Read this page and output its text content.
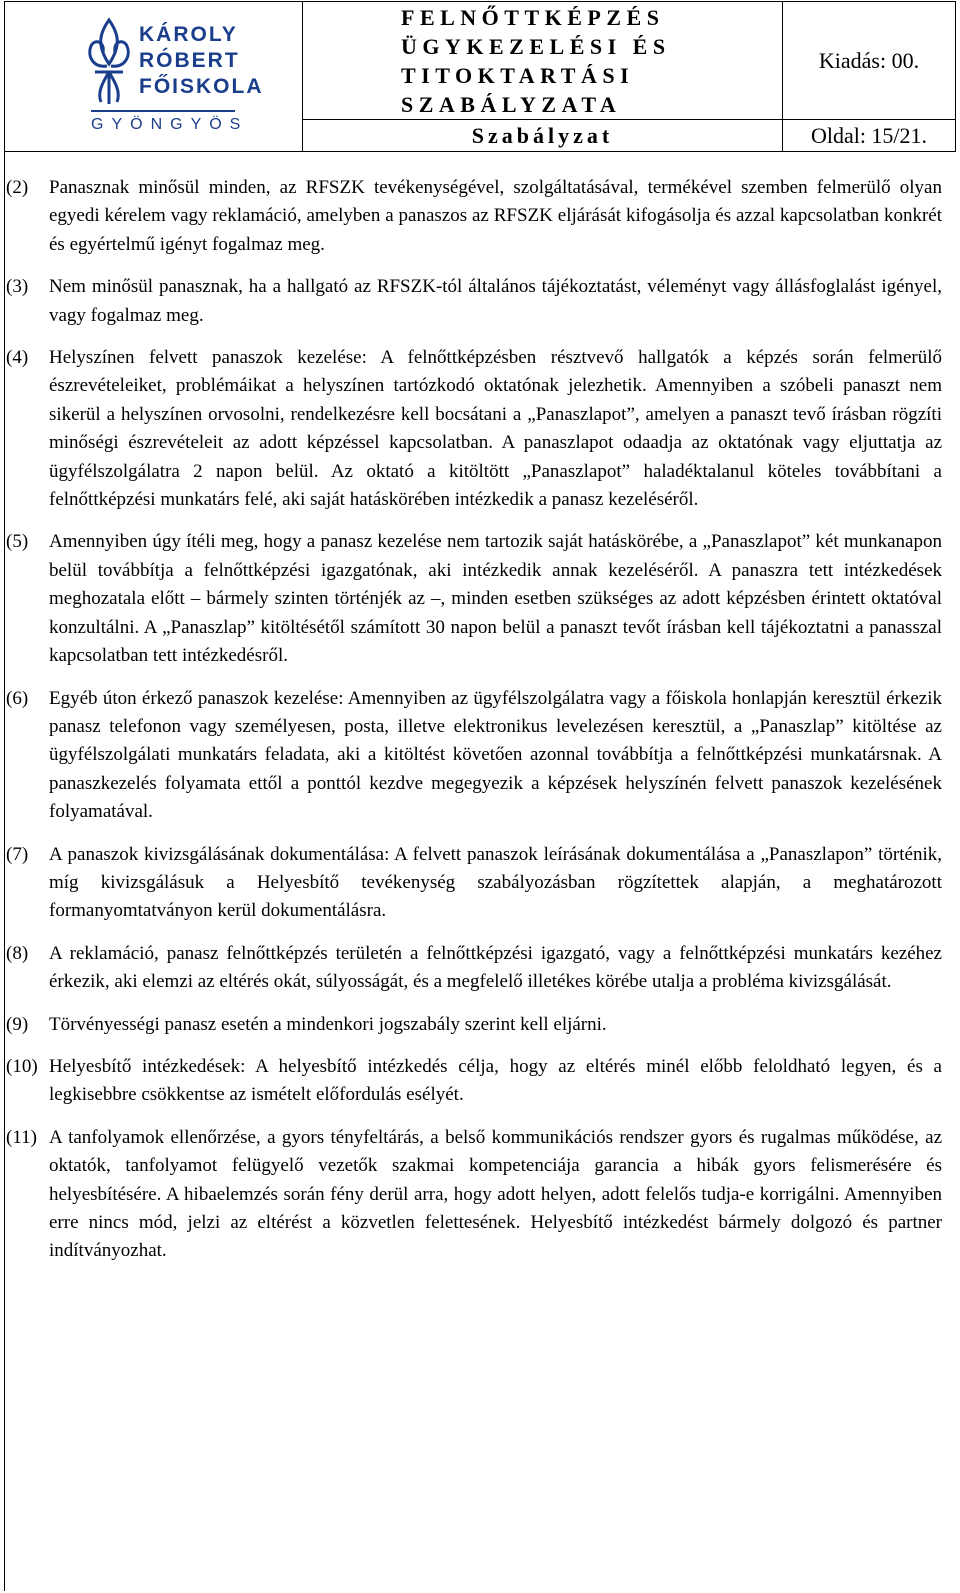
KÁROLY
RÓBERT
FŐISKOLA
GYÖNGYÖS
FELNŐTTKÉPZÉS
ÜGYKEZELÉSI ÉS
TITOKTARTÁSI
SZABÁLYZATA
Kiadás: 00.
Szabályzat	Oldal: 15/21.
(2) Panasznak minősül minden, az RFSZK tevékenységével, szolgáltatásával, termékével szemben felmerülő olyan egyedi kérelem vagy reklamáció, amelyben a panaszos az RFSZK eljárását kifogásolja és azzal kapcsolatban konkrét és egyértelmű igényt fogalmaz meg.
(3) Nem minősül panasznak, ha a hallgató az RFSZK-tól általános tájékoztatást, véleményt vagy állásfoglalást igényel, vagy fogalmaz meg.
(4) Helyszínen felvett panaszok kezelése: A felnőttképzésben résztvevő hallgatók a képzés során felmerülő észrevételeiket, problémáikat a helyszínen tartózkodó oktatónak jelezhetik. Amennyiben a szóbeli panaszt nem sikerül a helyszínen orvosolni, rendelkezésre kell bocsátani a „Panaszlapot”, amelyen a panaszt tevő írásban rögzíti minőségi észrevételeit az adott képzéssel kapcsolatban. A panaszlapot odaadja az oktatónak vagy eljuttatja az ügyfélszolgálatra 2 napon belül. Az oktató a kitöltött „Panaszlapot” haladéktalanul köteles továbbítani a felnőttképzési munkatárs felé, aki saját hatáskörében intézkedik a panasz kezeléséről.
(5) Amennyiben úgy ítéli meg, hogy a panasz kezelése nem tartozik saját hatáskörébe, a „Panaszlapot” két munkanapon belül továbbítja a felnőttképzési igazgatónak, aki intézkedik annak kezeléséről. A panaszra tett intézkedések meghozatala előtt – bármely szinten történjék az –, minden esetben szükséges az adott képzésben érintett oktatóval konzultálni. A „Panaszlap” kitöltésétől számított 30 napon belül a panaszt tevőt írásban kell tájékoztatni a panasszal kapcsolatban tett intézkedésről.
(6) Egyéb úton érkező panaszok kezelése: Amennyiben az ügyfélszolgálatra vagy a főiskola honlapján keresztül érkezik panasz telefonon vagy személyesen, posta, illetve elektronikus levelezésen keresztül, a „Panaszlap” kitöltése az ügyfélszolgálati munkatárs feladata, aki a kitöltést követően azonnal továbbítja a felnőttképzési munkatársnak. A panaszkezelés folyamata ettől a ponttól kezdve megegyezik a képzések helyszínén felvett panaszok kezelésének folyamatával.
(7) A panaszok kivizsgálásának dokumentálása: A felvett panaszok leírásának dokumentálása a „Panaszlapon” történik, míg kivizsgálásuk a Helyesbítő tevékenység szabályozásban rögzítettek alapján, a meghatározott formanyomtatványon kerül dokumentálásra.
(8) A reklamáció, panasz felnőttképzés területén a felnőttképzési igazgató, vagy a felnőttképzési munkatárs kezéhez érkezik, aki elemzi az eltérés okát, súlyosságát, és a megfelelő illetékes körébe utalja a probléma kivizsgálását.
(9) Törvényességi panasz esetén a mindenkori jogszabály szerint kell eljárni.
(10) Helyesbítő intézkedések: A helyesbítő intézkedés célja, hogy az eltérés minél előbb feloldható legyen, és a legkisebbre csökkentse az ismételt előfordulás esélyét.
(11) A tanfolyamok ellenőrzése, a gyors tényfeltárás, a belső kommunikációs rendszer gyors és rugalmas működése, az oktatók, tanfolyamot felügyelő vezetők szakmai kompetenciája garancia a hibák gyors felismerésére és helyesbítésére. A hibaelemzés során fény derül arra, hogy adott helyen, adott felelős tudja-e korrigálni. Amennyiben erre nincs mód, jelzi az eltérést a közvetlen felettesének. Helyesbítő intézkedést bármely dolgozó és partner indítványozhat.
